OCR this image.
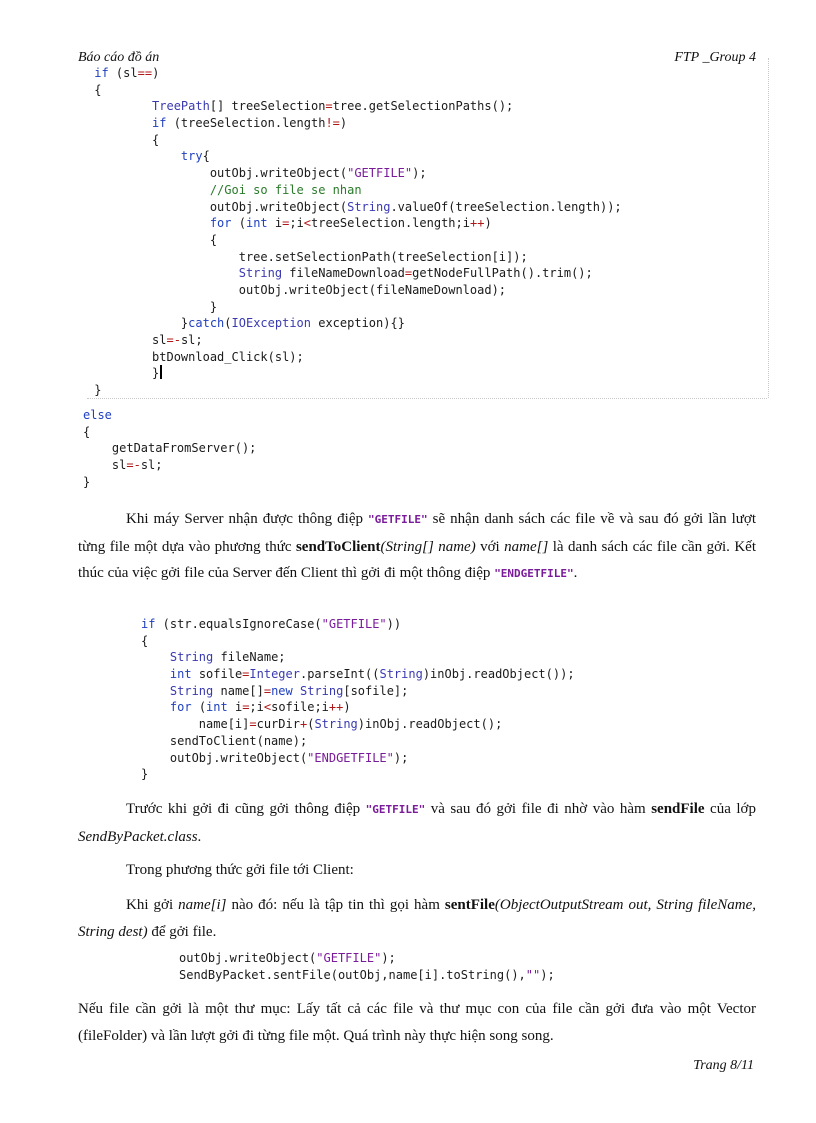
Báo cáo đồ án	FTP _Group 4
if (sl==)
{
TreePath[] treeSelection=tree.getSelectionPaths();
if (treeSelection.length!=)
{
try{
outObj.writeObject("GETFILE");
//Goi so file se nhan
outObj.writeObject(String.valueOf(treeSelection.length));
for (int i=;i<treeSelection.length;i++)
{
tree.setSelectionPath(treeSelection[i]);
String fileNameDownload=getNodeFullPath().trim();
outObj.writeObject(fileNameDownload);
}
}catch(IOException exception){}
sl=-sl;
btDownload_Click(sl);
}
}
else
{
getDataFromServer();
sl=-sl;
}

Khi máy Server nhận được thông điệp "GETFILE" sẽ nhận danh sách các file về và sau đó gởi lần lượt từng file một dựa vào phương thức sendToClient(String[] name) với name[] là danh sách các file cần gởi. Kết thúc của việc gởi file của Server đến Client thì gởi đi một thông điệp "ENDGETFILE".

if (str.equalsIgnoreCase("GETFILE"))
{
String fileName;
int sofile=Integer.parseInt((String)inObj.readObject());
String name[]=new String[sofile];
for (int i=;i<sofile;i++)
name[i]=curDir+(String)inObj.readObject();
sendToClient(name);
outObj.writeObject("ENDGETFILE");
}

Trước khi gởi đi cũng gởi thông điệp "GETFILE" và sau đó gởi file đi nhờ vào hàm sendFile của lớp SendByPacket.class.

Trong phương thức gởi file tới Client:

Khi gởi name[i] nào đó: nếu là tập tin thì gọi hàm sentFile(ObjectOutputStream out, String fileName, String dest) để gởi file.

outObj.writeObject("GETFILE");
SendByPacket.sentFile(outObj,name[i].toString(),"");

Nếu file cần gởi là một thư mục: Lấy tất cả các file và thư mục con của file cần gởi đưa vào một Vector (fileFolder) và lần lượt gởi đi từng file một. Quá trình này thực hiện song song.

Trang 8/11
